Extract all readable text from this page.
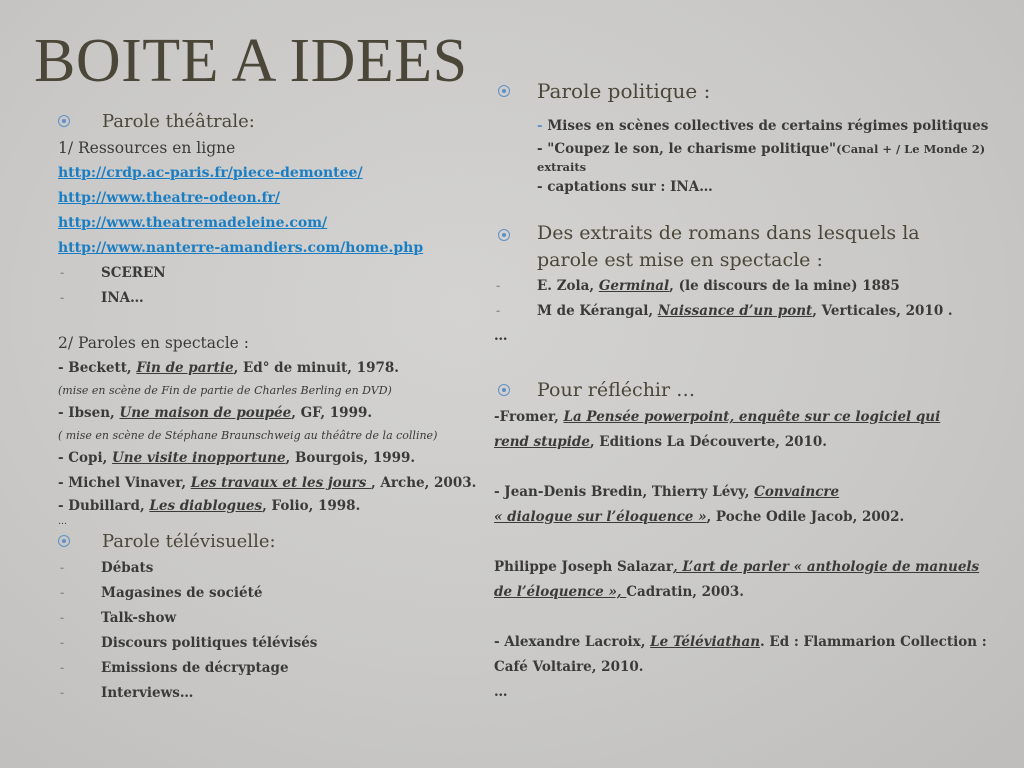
BOITE A IDEES
Parole théâtrale:
1/ Ressources en ligne
http://crdp.ac-paris.fr/piece-demontee/
http://www.theatre-odeon.fr/
http://www.theatremadeleine.com/
http://www.nanterre-amandiers.com/home.php
-	SCEREN
-	INA…
2/ Paroles en spectacle :
- Beckett, Fin de partie, Ed° de minuit, 1978.
(mise en scène de Fin de partie de Charles Berling en DVD)
- Ibsen, Une maison de poupée, GF, 1999.
( mise en scène de Stéphane Braunschweig au théâtre de la colline)
- Copi, Une visite inopportune, Bourgois, 1999.
- Michel Vinaver, Les travaux et les jours , Arche, 2003.
- Dubillard, Les diablogues, Folio, 1998.
…
Parole télévisuelle:
-	Débats
-	Magasines de société
-	Talk-show
-	Discours politiques télévisés
-	Emissions de décryptage
-	Interviews…
Parole politique :
- Mises en scènes collectives de certains régimes politiques
- "Coupez le son, le charisme politique"(Canal + / Le Monde 2)
extraits
- captations sur : INA…
Des extraits de romans dans lesquels la
parole est mise en spectacle :
-	E. Zola, Germinal, (le discours de la mine) 1885
-	M de Kérangal, Naissance d’un pont, Verticales, 2010 .
…
Pour réfléchir …
-Fromer, La Pensée powerpoint, enquête sur ce logiciel qui
rend stupide, Editions La Découverte, 2010.
- Jean-Denis Bredin, Thierry Lévy, Convaincre
« dialogue sur l’éloquence », Poche Odile Jacob, 2002.
Philippe Joseph Salazar, L’art de parler « anthologie de manuels
de l’éloquence », Cadratin, 2003.
- Alexandre Lacroix, Le Téléviathan. Ed : Flammarion Collection :
Café Voltaire, 2010.
…
